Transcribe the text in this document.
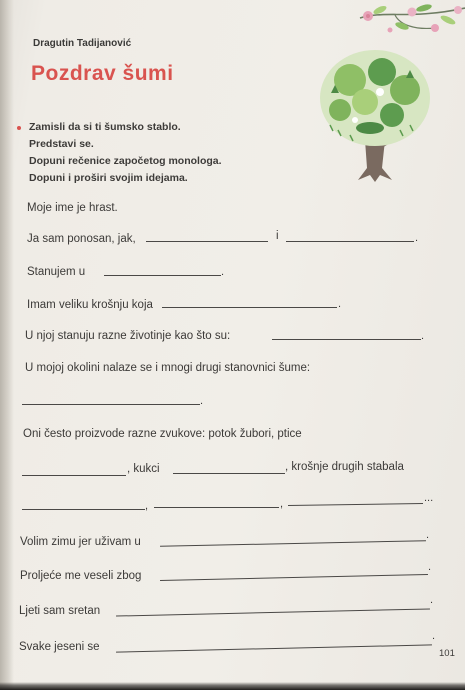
Dragutin Tadijanović
Pozdrav šumi
Zamisli da si ti šumsko stablo.
Predstavi se.
Dopuni rečenice započetog monologa.
Dopuni i proširi svojim idejama.
Moje ime je hrast.
Ja sam ponosan, jak,	i	.
Stanujem u	.
Imam veliku krošnju koja	.
U njoj stanuju razne životinje kao što su:	.
U mojoj okolini nalaze se i mnogi drugi stanovnici šume:
.
Oni često proizvode razne zvukove: potok žubori, ptice
, kukci	, krošnje drugih stabala
,	,	...
Volim zimu jer uživam u
.
Proljeće me veseli zbog
.
Ljeti sam sretan
.
Svake jeseni se
.
101
